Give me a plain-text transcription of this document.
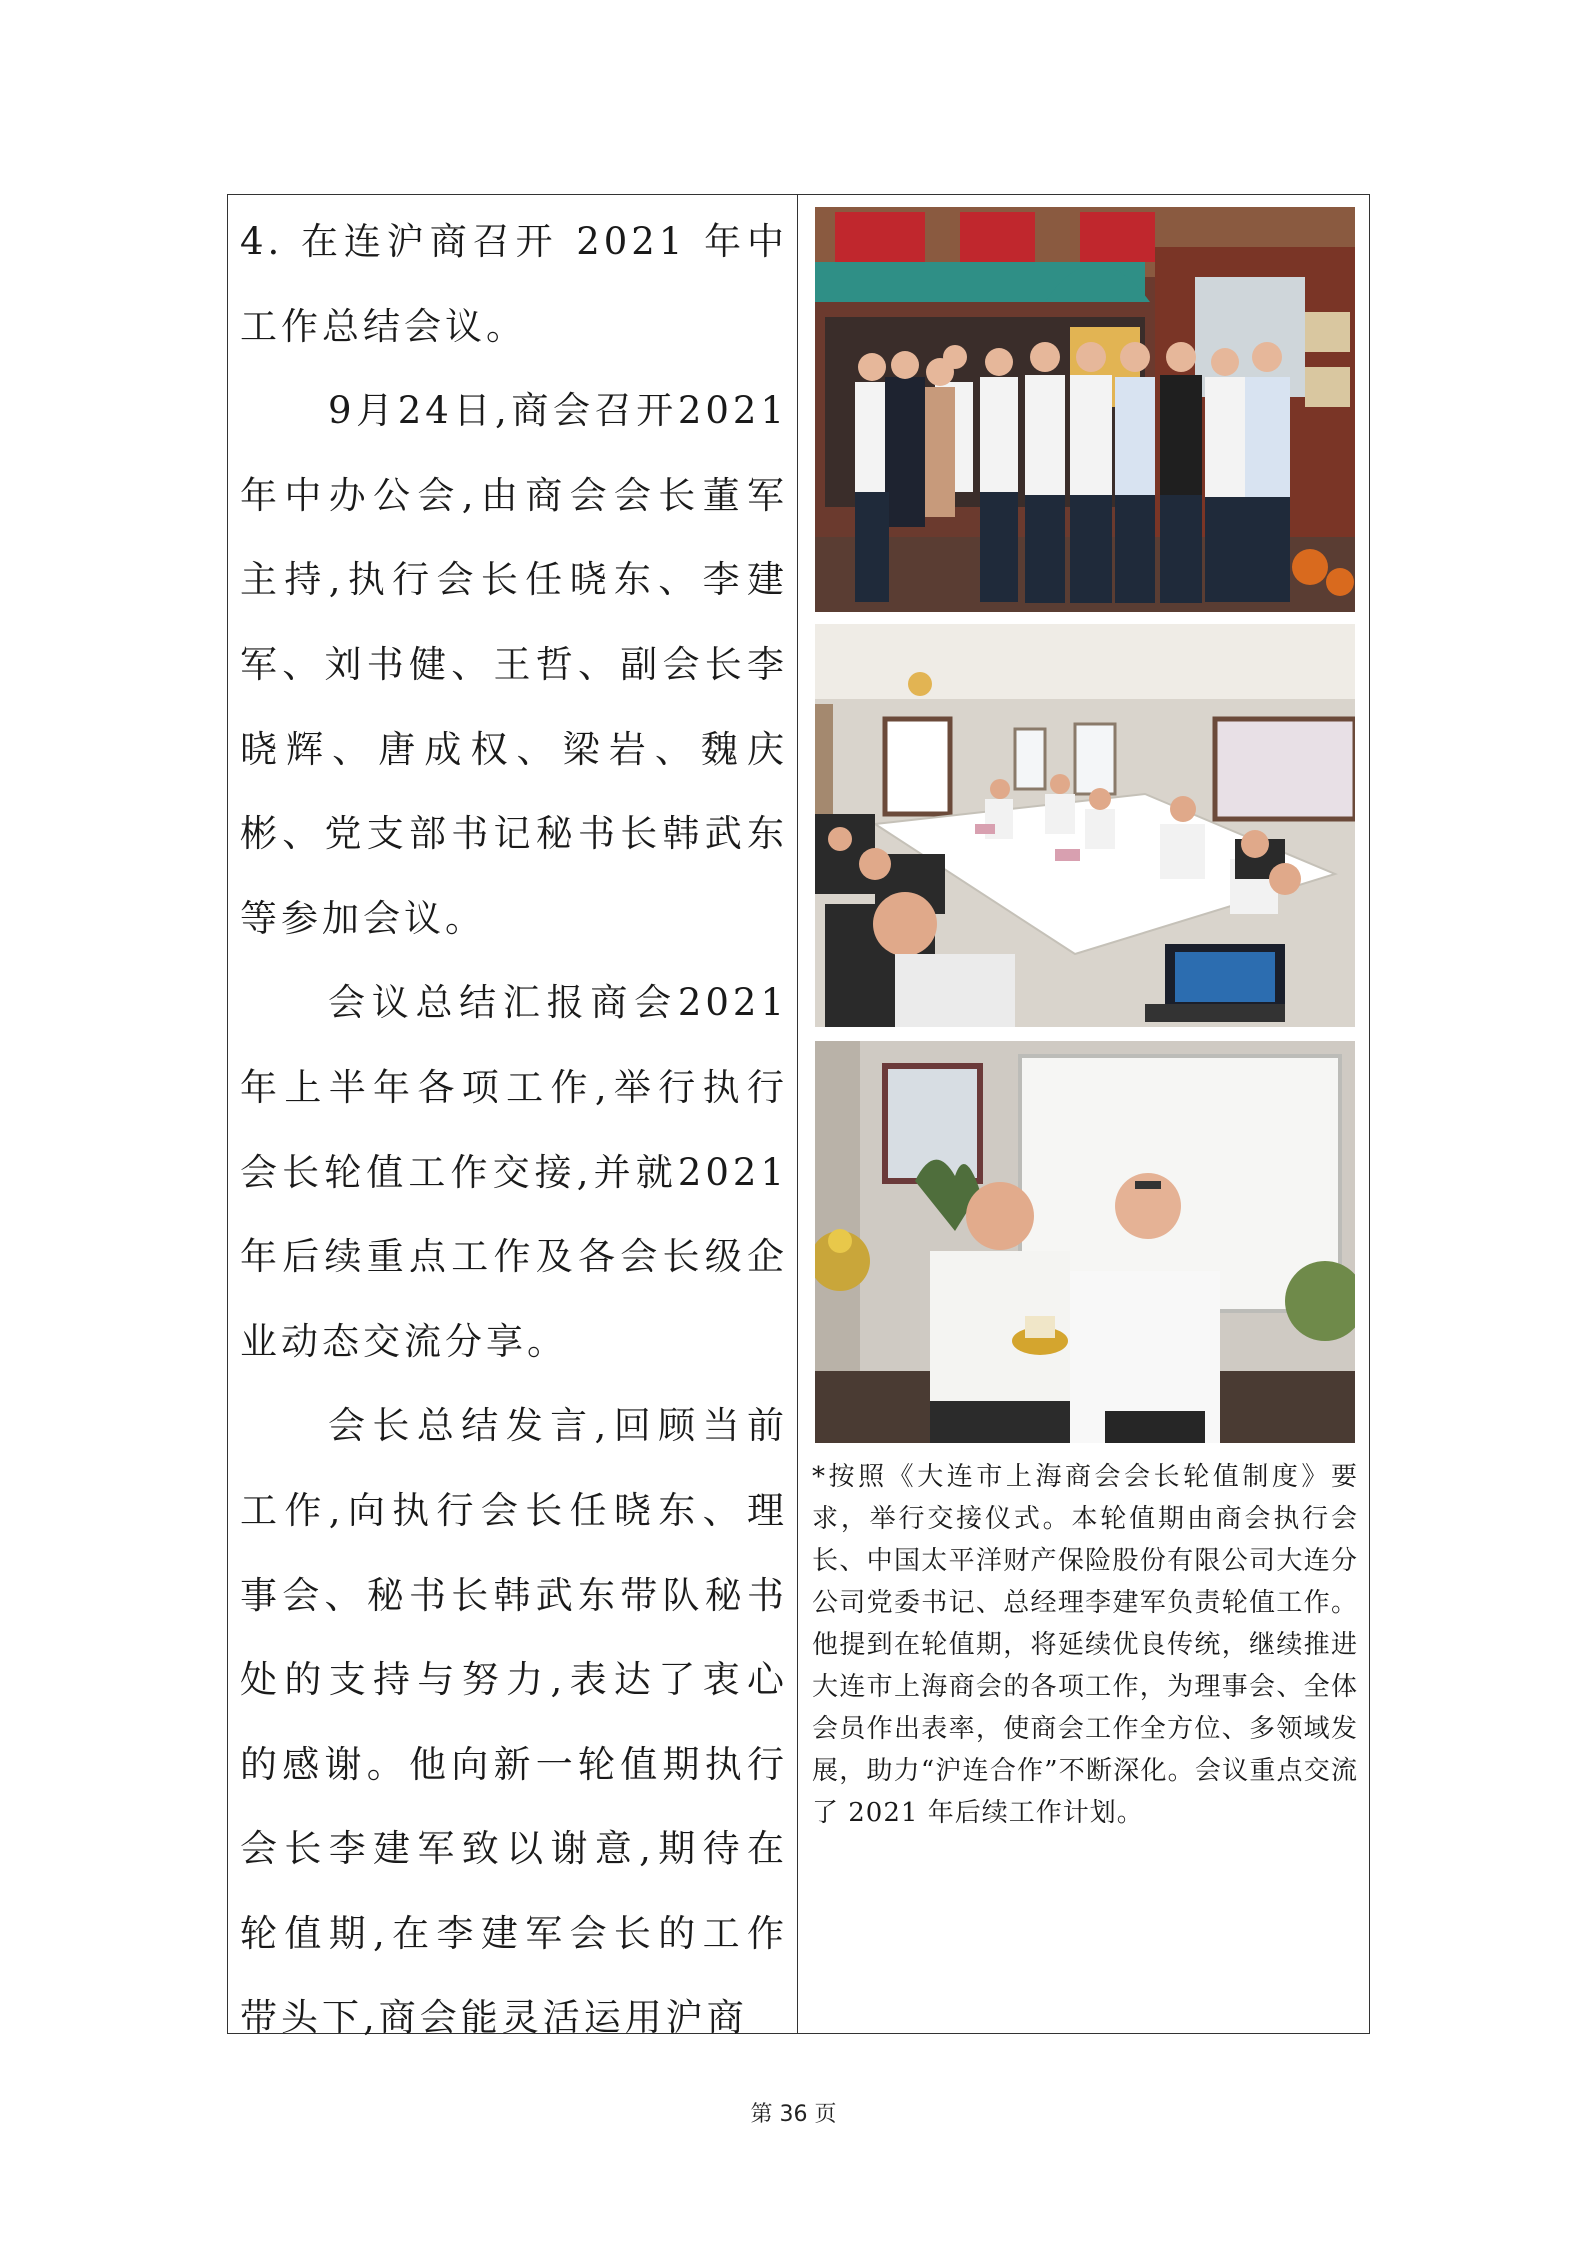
4. 在连沪商召开 2021 年中工作总结会议。

9月24日,商会召开2021年中办公会,由商会会长董军主持,执行会长任晓东、李建军、刘书健、王哲、副会长李晓辉、唐成权、梁岩、魏庆彬、党支部书记秘书长韩武东等参加会议。

会议总结汇报商会2021年上半年各项工作,举行执行会长轮值工作交接,并就2021年后续重点工作及各会长级企业动态交流分享。

会长总结发言,回顾当前工作,向执行会长任晓东、理事会、秘书长韩武东带队秘书处的支持与努力,表达了衷心的感谢。他向新一轮值期执行会长李建军致以谢意,期待在轮值期,在李建军会长的工作带头下,商会能灵活运用沪商

*按照《大连市上海商会会长轮值制度》要求，举行交接仪式。本轮值期由商会执行会长、中国太平洋财产保险股份有限公司大连分公司党委书记、总经理李建军负责轮值工作。他提到在轮值期，将延续优良传统，继续推进大连市上海商会的各项工作，为理事会、全体会员作出表率，使商会工作全方位、多领域发展，助力“沪连合作”不断深化。会议重点交流了 2021 年后续工作计划。
第 36 页
